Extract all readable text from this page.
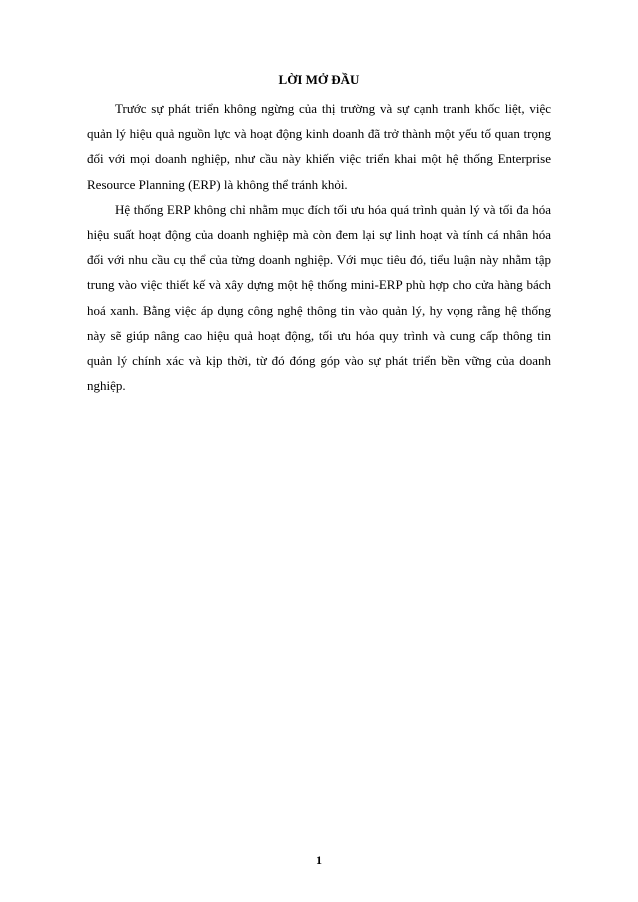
LỜI MỞ ĐẦU

Trước sự phát triển không ngừng của thị trường và sự cạnh tranh khốc liệt, việc quản lý hiệu quả nguồn lực và hoạt động kinh doanh đã trở thành một yếu tố quan trọng đối với mọi doanh nghiệp, như cầu này khiến việc triển khai một hệ thống Enterprise Resource Planning (ERP) là không thể tránh khỏi.

Hệ thống ERP không chỉ nhằm mục đích tối ưu hóa quá trình quản lý và tối đa hóa hiệu suất hoạt động của doanh nghiệp mà còn đem lại sự linh hoạt và tính cá nhân hóa đối với nhu cầu cụ thể của từng doanh nghiệp. Với mục tiêu đó, tiểu luận này nhằm tập trung vào việc thiết kế và xây dựng một hệ thống mini-ERP phù hợp cho cửa hàng bách hoá xanh. Bằng việc áp dụng công nghệ thông tin vào quản lý, hy vọng rằng hệ thống này sẽ giúp nâng cao hiệu quả hoạt động, tối ưu hóa quy trình và cung cấp thông tin quản lý chính xác và kịp thời, từ đó đóng góp vào sự phát triển bền vững của doanh nghiệp.

1
